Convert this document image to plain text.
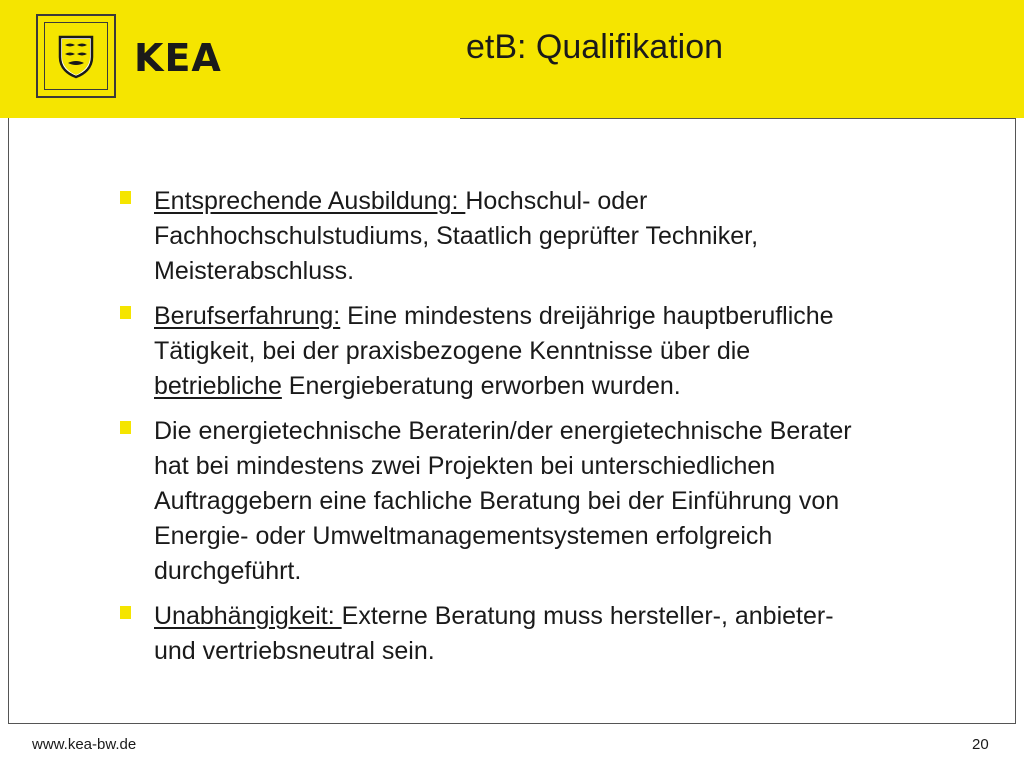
KEA	etB: Qualifikation
Entsprechende Ausbildung: Hochschul- oder Fachhochschulstudiums, Staatlich geprüfter Techniker, Meisterabschluss.
Berufserfahrung: Eine mindestens dreijährige hauptberufliche Tätigkeit, bei der praxisbezogene Kenntnisse über die betriebliche Energieberatung erworben wurden.
Die energietechnische Beraterin/der energietechnische Berater hat bei mindestens zwei Projekten bei unterschiedlichen Auftraggebern eine fachliche Beratung bei der Einführung von Energie- oder Umweltmanagementsystemen erfolgreich durchgeführt.
Unabhängigkeit: Externe Beratung muss hersteller-, anbieter- und vertriebsneutral sein.
www.kea-bw.de	20
